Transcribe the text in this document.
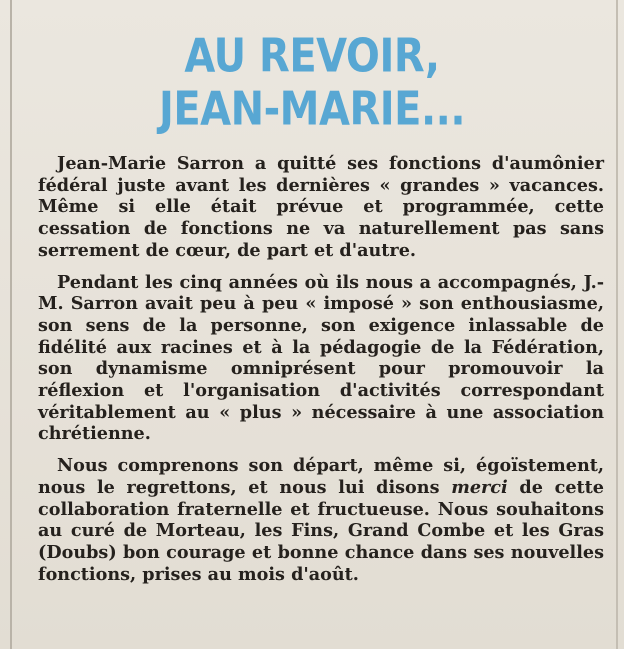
AU REVOIR,
JEAN-MARIE...

Jean-Marie Sarron a quitté ses fonctions d'aumônier fédéral juste avant les dernières « grandes » vacances. Même si elle était prévue et programmée, cette cessation de fonctions ne va naturellement pas sans serrement de cœur, de part et d'autre.

Pendant les cinq années où ils nous a accompagnés, J.-M. Sarron avait peu à peu « imposé » son enthousiasme, son sens de la personne, son exigence inlassable de fidélité aux racines et à la pédagogie de la Fédération, son dynamisme omniprésent pour promouvoir la réflexion et l'organisation d'activités correspondant véritablement au « plus » nécessaire à une association chrétienne.

Nous comprenons son départ, même si, égoïstement, nous le regrettons, et nous lui disons merci de cette collaboration fraternelle et fructueuse. Nous souhaitons au curé de Morteau, les Fins, Grand Combe et les Gras (Doubs) bon courage et bonne chance dans ses nouvelles fonctions, prises au mois d'août.
